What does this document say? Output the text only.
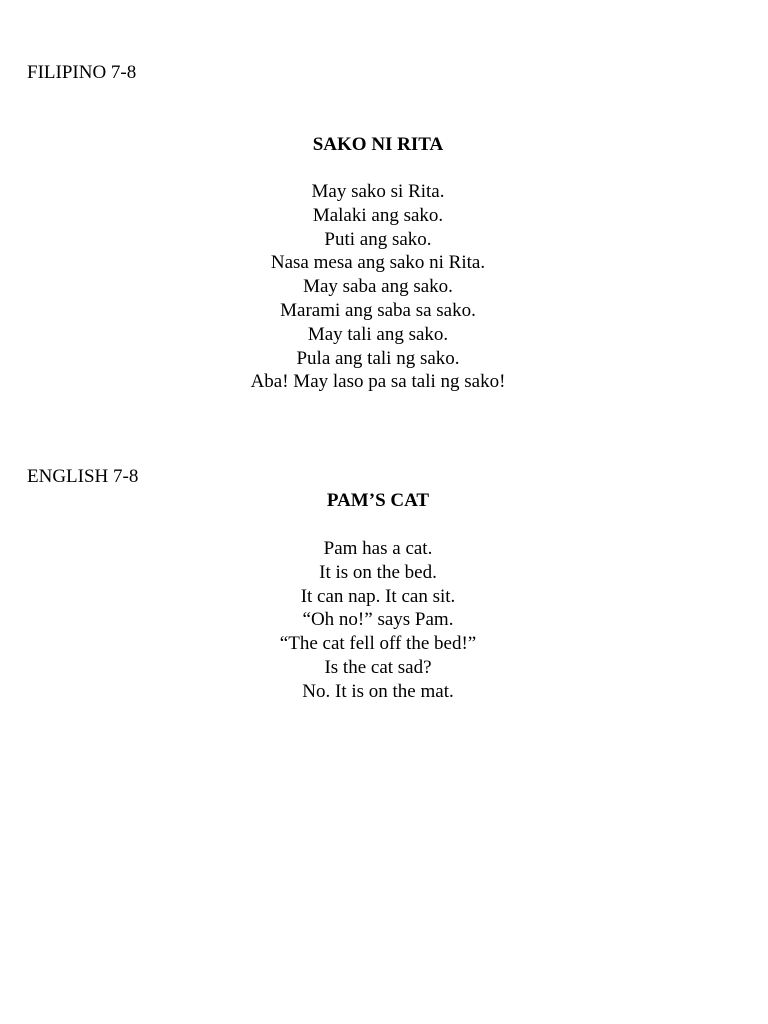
FILIPINO 7-8

SAKO NI RITA
May sako si Rita.
Malaki ang sako.
Puti ang sako.
Nasa mesa ang sako ni Rita.
May saba ang sako.
Marami ang saba sa sako.
May tali ang sako.
Pula ang tali ng sako.
Aba! May laso pa sa tali ng sako!

ENGLISH 7-8

PAM’S CAT
Pam has a cat.
It is on the bed.
It can nap. It can sit.
“Oh no!” says Pam.
“The cat fell off the bed!”
Is the cat sad?
No. It is on the mat.
